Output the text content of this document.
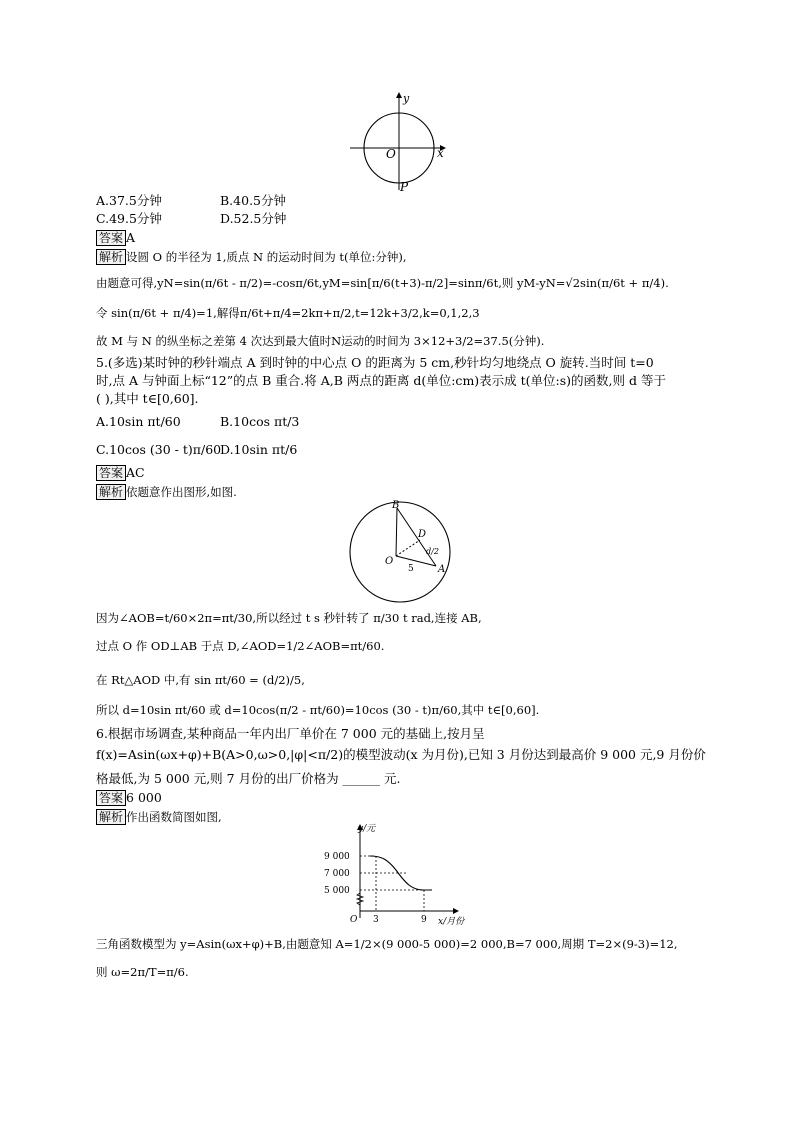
y
x
O
P
A.37.5分钟	B.40.5分钟
C.49.5分钟	D.52.5分钟
答案 A
解析 设圆 O 的半径为 1,质点 N 的运动时间为 t(单位:分钟),
由题意可得,yN=sin(π/6t - π/2)=-cosπ/6t,yM=sin[π/6(t+3)-π/2]=sinπ/6t,则 yM-yN=√2sin(π/6t + π/4).
令 sin(π/6t + π/4)=1,解得π/6t+π/4=2kπ+π/2,t=12k+3/2,k=0,1,2,3
故 M 与 N 的纵坐标之差第 4 次达到最大值时N运动的时间为 3×12+3/2=37.5(分钟).
5.(多选)某时钟的秒针端点 A 到时钟的中心点 O 的距离为 5 cm,秒针均匀地绕点 O 旋转.当时间 t=0
时,点 A 与钟面上标“12”的点 B 重合.将 A,B 两点的距离 d(单位:cm)表示成 t(单位:s)的函数,则 d 等于
( ),其中 t∈[0,60].
A.10sin πt/60	B.10cos πt/3
C.10cos (30 - t)π/60
D.10sin πt/6
答案 AC
解析 依题意作出图形,如图.
B
D
O
A
5
d/2
因为∠AOB=t/60×2π=πt/30,所以经过 t s 秒针转了 π/30 t rad,连接 AB,
过点 O 作 OD⊥AB 于点 D,∠AOD=1/2∠AOB=πt/60.
在 Rt△AOD 中,有 sin πt/60 = (d/2)/5,
所以 d=10sin πt/60 或 d=10cos(π/2 - πt/60)=10cos (30 - t)π/60,其中 t∈[0,60].
6.根据市场调查,某种商品一年内出厂单价在 7 000 元的基础上,按月呈
f(x)=Asin(ωx+φ)+B(A>0,ω>0,|φ|<π/2)的模型波动(x 为月份),已知 3 月份达到最高价 9 000 元,9 月份价
格最低,为 5 000 元,则 7 月份的出厂价格为 ______ 元.
答案 6 000
解析 作出函数简图如图,
y/元
x/月份
O
9 000
7 000
5 000
3	9
三角函数模型为 y=Asin(ωx+φ)+B,由题意知 A=1/2×(9 000-5 000)=2 000,B=7 000,周期 T=2×(9-3)=12,
则 ω=2π/T=π/6.
